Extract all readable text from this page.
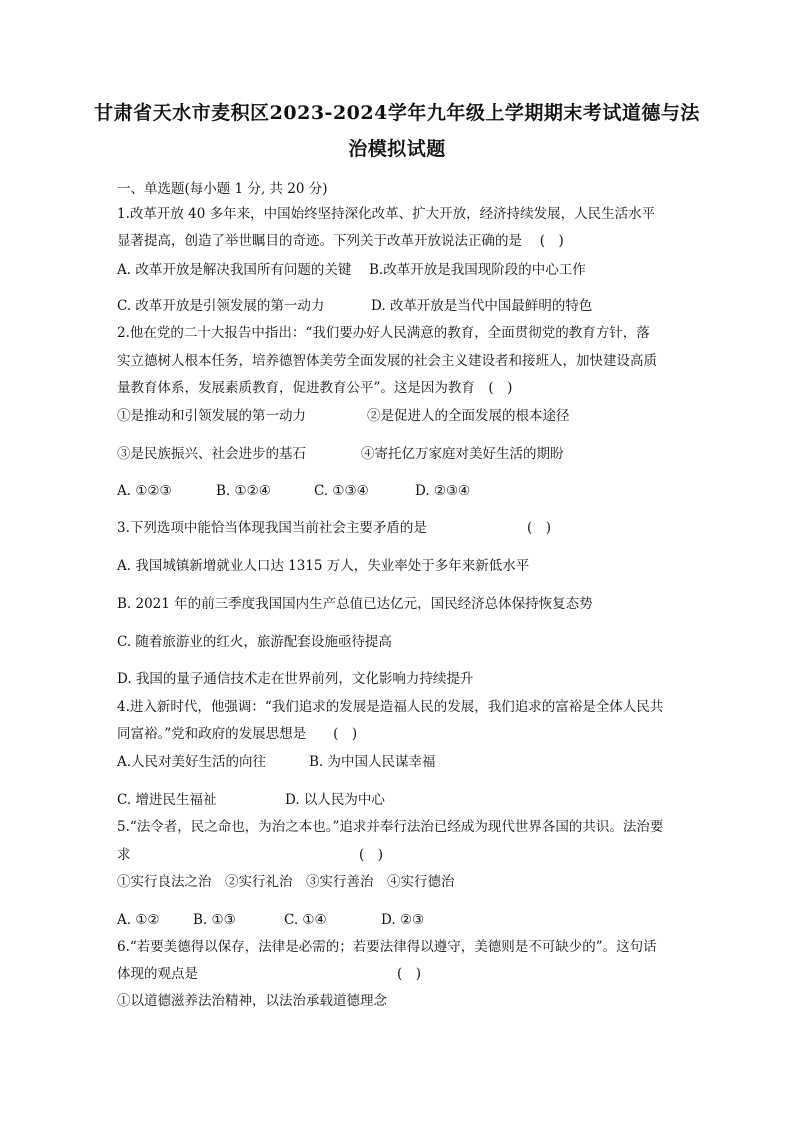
甘肃省天水市麦积区2023-2024学年九年级上学期期末考试道德与法
治模拟试题
一、单选题(每小题 1 分, 共 20 分)
1.改革开放 40 多年来，中国始终坚持深化改革、扩大开放，经济持续发展，人民生活水平
显著提高，创造了举世瞩目的奇迹。下列关于改革开放说法正确的是　 (　)
A. 改革开放是解决我国所有问题的关键 B.改革开放是我国现阶段的中心工作
C. 改革开放是引领发展的第一动力	D. 改革开放是当代中国最鲜明的特色
2.他在党的二十大报告中指出：“我们要办好人民满意的教育，全面贯彻党的教育方针，落
实立德树人根本任务，培养德智体美劳全面发展的社会主义建设者和接班人，加快建设高质
量教育体系，发展素质教育，促进教育公平”。这是因为教育　(　)
①是推动和引领发展的第一动力	②是促进人的全面发展的根本途径
③是民族振兴、社会进步的基石	④寄托亿万家庭对美好生活的期盼
A. ①②③	B. ①②④	C. ①③④	D. ②③④
3.下列选项中能恰当体现我国当前社会主要矛盾的是	(　)
A. 我国城镇新增就业人口达 1315 万人，失业率处于多年来新低水平
B. 2021 年的前三季度我国国内生产总值已达亿元，国民经济总体保持恢复态势
C. 随着旅游业的红火，旅游配套设施亟待提高
D. 我国的量子通信技术走在世界前列，文化影响力持续提升
4.进入新时代，他强调：“我们追求的发展是造福人民的发展，我们追求的富裕是全体人民共
同富裕。”党和政府的发展思想是　　(　)
A.人民对美好生活的向往	B. 为中国人民谋幸福
C. 增进民生福祉	D. 以人民为中心
5.“法令者，民之命也，为治之本也。”追求并奉行法治已经成为现代世界各国的共识。法治要
求	(　)
①实行良法之治　②实行礼治　③实行善治　④实行德治
A. ①② B. ①③	C. ①④	D. ②③
6.“若要美德得以保存，法律是必需的；若要法律得以遵守，美德则是不可缺少的”。这句话
体现的观点是	(　)
①以道德滋养法治精神，以法治承载道德理念
